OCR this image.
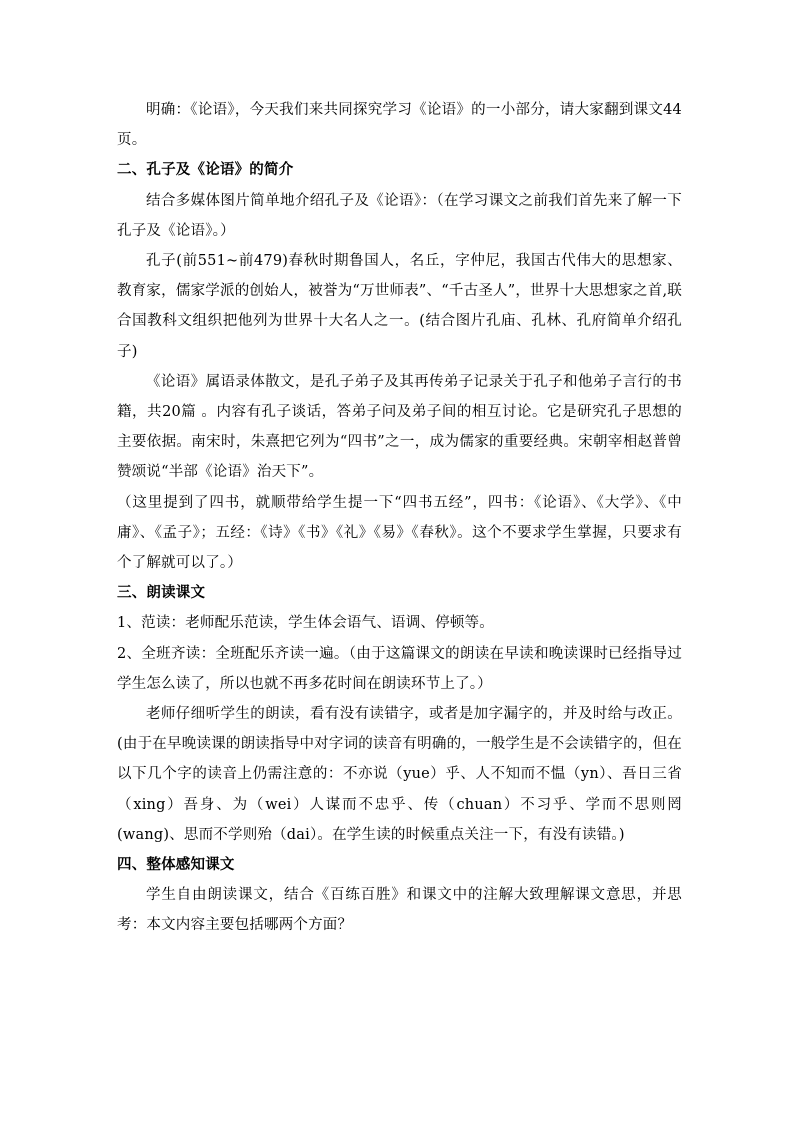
明确：《论语》，今天我们来共同探究学习《论语》的一小部分，请大家翻到课文44页。

二、孔子及《论语》的简介

结合多媒体图片简单地介绍孔子及《论语》：（在学习课文之前我们首先来了解一下孔子及《论语》。）

孔子(前551~前479)春秋时期鲁国人，名丘，字仲尼，我国古代伟大的思想家、教育家，儒家学派的创始人，被誉为“万世师表”、“千古圣人”，世界十大思想家之首,联合国教科文组织把他列为世界十大名人之一。(结合图片孔庙、孔林、孔府简单介绍孔子)

《论语》属语录体散文，是孔子弟子及其再传弟子记录关于孔子和他弟子言行的书籍，共20篇 。内容有孔子谈话，答弟子问及弟子间的相互讨论。它是研究孔子思想的主要依据。南宋时，朱熹把它列为“四书”之一，成为儒家的重要经典。宋朝宰相赵普曾赞颂说“半部《论语》治天下”。

（这里提到了四书，就顺带给学生提一下“四书五经”，四书：《论语》、《大学》、《中庸》、《孟子》；五经：《诗》《书》《礼》《易》《春秋》。这个不要求学生掌握，只要求有个了解就可以了。）

三、朗读课文

1、范读：老师配乐范读，学生体会语气、语调、停顿等。

2、全班齐读：全班配乐齐读一遍。（由于这篇课文的朗读在早读和晚读课时已经指导过学生怎么读了，所以也就不再多花时间在朗读环节上了。）

老师仔细听学生的朗读，看有没有读错字，或者是加字漏字的，并及时给与改正。(由于在早晚读课的朗读指导中对字词的读音有明确的，一般学生是不会读错字的，但在以下几个字的读音上仍需注意的：不亦说（yue）乎、人不知而不愠（yn）、吾日三省（xing）吾身、为（wei）人谋而不忠乎、传（chuan）不习乎、学而不思则罔(wang)、思而不学则殆（dai）。在学生读的时候重点关注一下，有没有读错。)

四、整体感知课文

学生自由朗读课文，结合《百练百胜》和课文中的注解大致理解课文意思，并思考：本文内容主要包括哪两个方面？
